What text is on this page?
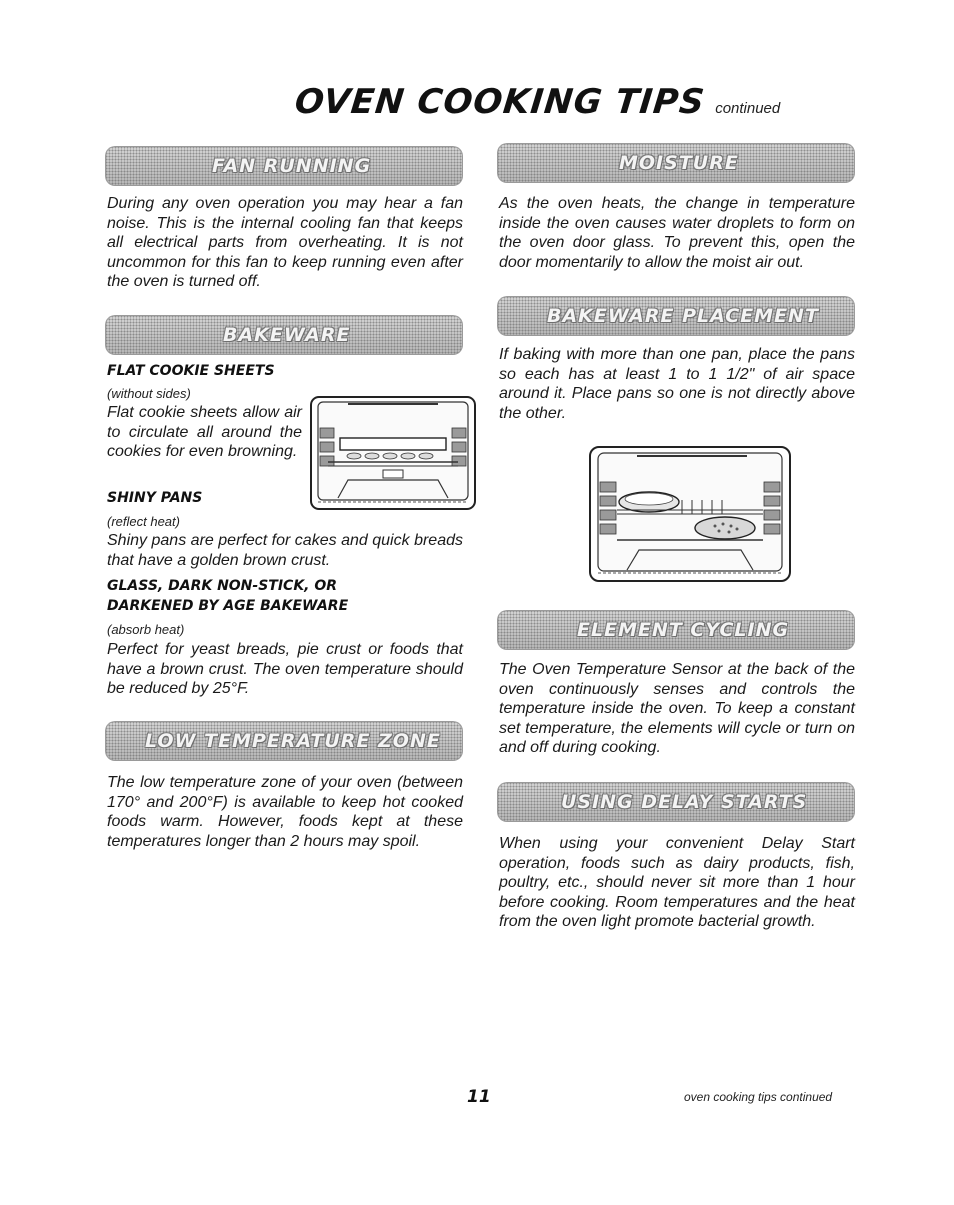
OVEN COOKING TIPS continued
FAN RUNNING
During any oven operation you may hear a fan noise. This is the internal cooling fan that keeps all electrical parts from overheating. It is not uncommon for this fan to keep running even after the oven is turned off.
BAKEWARE
FLAT COOKIE SHEETS
(without sides)
Flat cookie sheets allow air to circulate all around the cookies for even browning.
SHINY PANS
(reflect heat)
Shiny pans are perfect for cakes and quick breads that have a golden brown crust.
GLASS, DARK NON-STICK, OR
DARKENED BY AGE BAKEWARE
(absorb heat)
Perfect for yeast breads, pie crust or foods that have a brown crust. The oven temperature should be reduced by 25°F.
LOW TEMPERATURE ZONE
The low temperature zone of your oven (between 170° and 200°F) is available to keep hot cooked foods warm. However, foods kept at these temperatures longer than 2 hours may spoil.
MOISTURE
As the oven heats, the change in temperature inside the oven causes water droplets to form on the oven door glass. To prevent this, open the door momentarily to allow the moist air out.
BAKEWARE PLACEMENT
If baking with more than one pan, place the pans so each has at least 1 to 1 1/2" of air space around it. Place pans so one is not directly above the other.
ELEMENT CYCLING
The Oven Temperature Sensor at the back of the oven continuously senses and controls the temperature inside the oven. To keep a constant set temperature, the elements will cycle or turn on and off during cooking.
USING DELAY STARTS
When using your convenient Delay Start operation, foods such as dairy products, fish, poultry, etc., should never sit more than 1 hour before cooking. Room temperatures and the heat from the oven light promote bacterial growth.
11	oven cooking tips continued
